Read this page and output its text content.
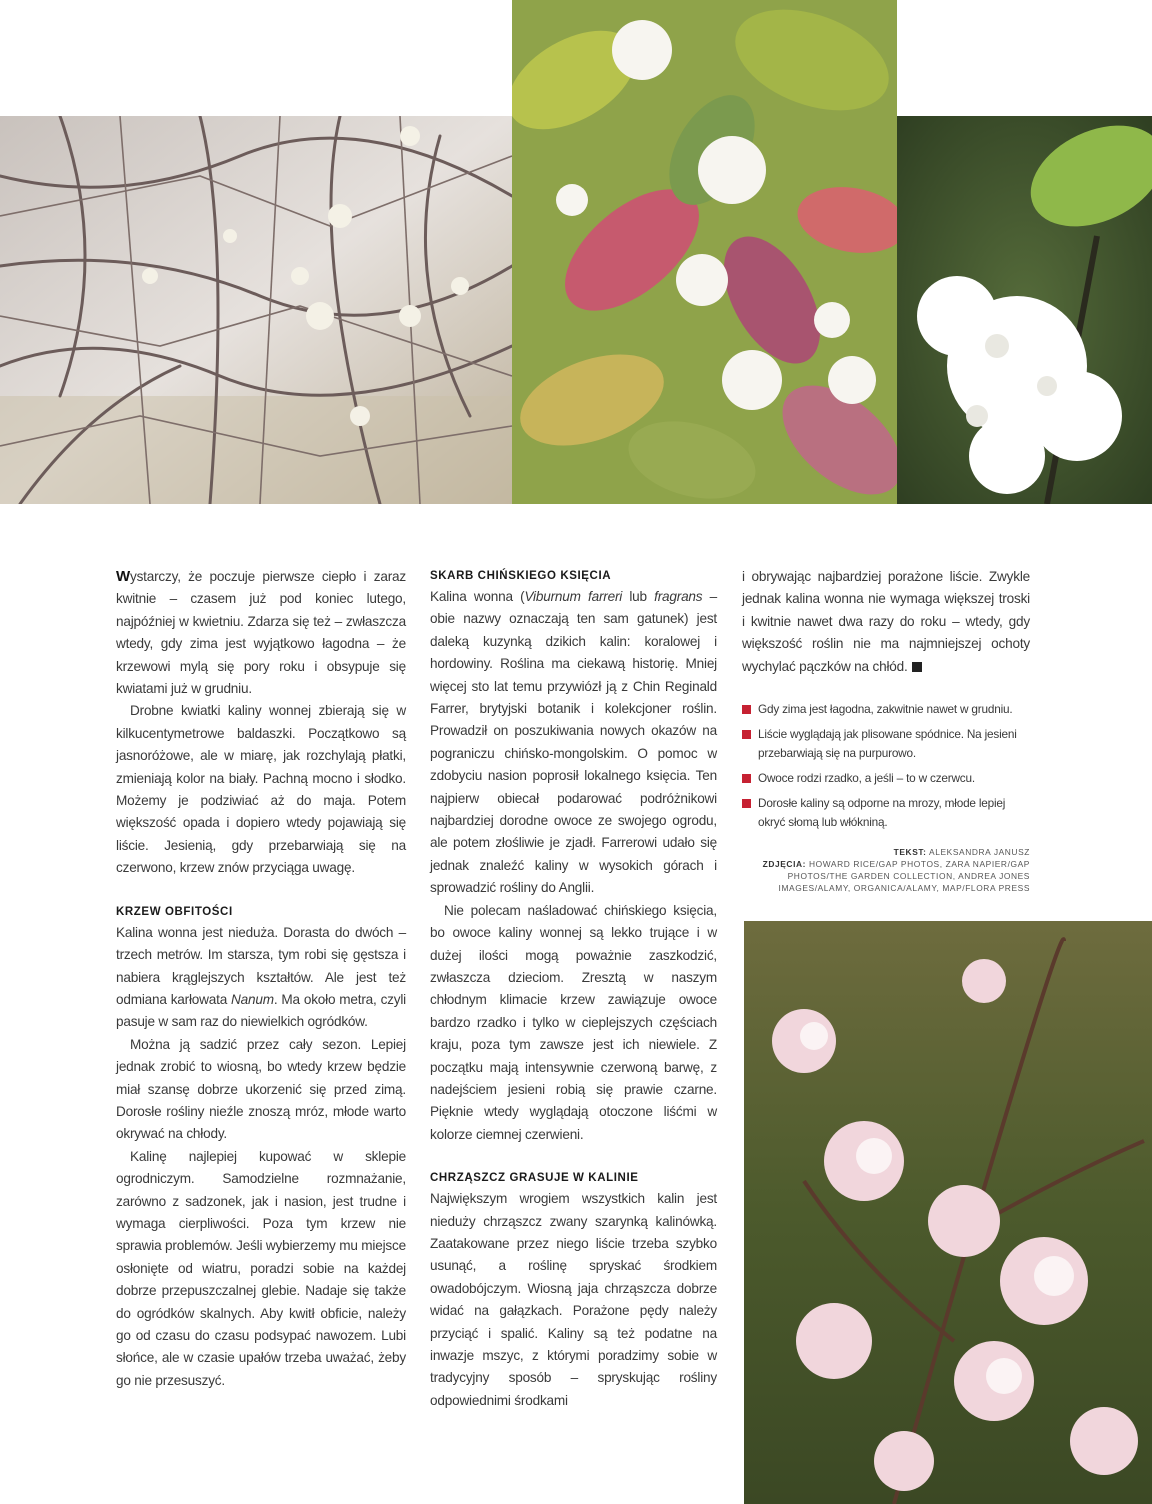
Wystarczy, że poczuje pierwsze ciepło i zaraz kwitnie – czasem już pod koniec lutego, najpóźniej w kwietniu. Zdarza się też – zwłaszcza wtedy, gdy zima jest wyjątkowo łagodna – że krzewowi mylą się pory roku i obsypuje się kwiatami już w grudniu.

Drobne kwiatki kaliny wonnej zbierają się w kilkucentymetrowe baldaszki. Początkowo są jasnoróżowe, ale w miarę, jak rozchylają płatki, zmieniają kolor na biały. Pachną mocno i słodko. Możemy je podziwiać aż do maja. Potem większość opada i dopiero wtedy pojawiają się liście. Jesienią, gdy przebarwiają się na czerwono, krzew znów przyciąga uwagę.

KRZEW OBFITOŚCI

Kalina wonna jest nieduża. Dorasta do dwóch – trzech metrów. Im starsza, tym robi się gęstsza i nabiera krąglejszych kształtów. Ale jest też odmiana karłowata Nanum. Ma około metra, czyli pasuje w sam raz do niewielkich ogródków.

Można ją sadzić przez cały sezon. Lepiej jednak zrobić to wiosną, bo wtedy krzew będzie miał szansę dobrze ukorzenić się przed zimą. Dorosłe rośliny nieźle znoszą mróz, młode warto okrywać na chłody.

Kalinę najlepiej kupować w sklepie ogrodniczym. Samodzielne rozmnażanie, zarówno z sadzonek, jak i nasion, jest trudne i wymaga cierpliwości. Poza tym krzew nie sprawia problemów. Jeśli wybierzemy mu miejsce osłonięte od wiatru, poradzi sobie na każdej dobrze przepuszczalnej glebie. Nadaje się także do ogródków skalnych. Aby kwitł obficie, należy go od czasu do czasu podsypać nawozem. Lubi słońce, ale w czasie upałów trzeba uważać, żeby go nie przesuszyć.

SKARB CHIŃSKIEGO KSIĘCIA

Kalina wonna (Viburnum farreri lub fragrans – obie nazwy oznaczają ten sam gatunek) jest daleką kuzynką dzikich kalin: koralowej i hordowiny. Roślina ma ciekawą historię. Mniej więcej sto lat temu przywiózł ją z Chin Reginald Farrer, brytyjski botanik i kolekcjoner roślin. Prowadził on poszukiwania nowych okazów na pograniczu chińsko-mongolskim. O pomoc w zdobyciu nasion poprosił lokalnego księcia. Ten najpierw obiecał podarować podróżnikowi najbardziej dorodne owoce ze swojego ogrodu, ale potem złośliwie je zjadł. Farrerowi udało się jednak znaleźć kaliny w wysokich górach i sprowadzić rośliny do Anglii.

Nie polecam naśladować chińskiego księcia, bo owoce kaliny wonnej są lekko trujące i w dużej ilości mogą poważnie zaszkodzić, zwłaszcza dzieciom. Zresztą w naszym chłodnym klimacie krzew zawiązuje owoce bardzo rzadko i tylko w cieplejszych częściach kraju, poza tym zawsze jest ich niewiele. Z początku mają intensywnie czerwoną barwę, z nadejściem jesieni robią się prawie czarne. Pięknie wtedy wyglądają otoczone liśćmi w kolorze ciemnej czerwieni.

CHRZĄSZCZ GRASUJE W KALINIE

Największym wrogiem wszystkich kalin jest nieduży chrząszcz zwany szarynką kalinówką. Zaatakowane przez niego liście trzeba szybko usunąć, a roślinę spryskać środkiem owadobójczym. Wiosną jaja chrząszcza dobrze widać na gałązkach. Porażone pędy należy przyciąć i spalić. Kaliny są też podatne na inwazje mszyc, z którymi poradzimy sobie w tradycyjny sposób – spryskując rośliny odpowiednimi środkami

i obrywając najbardziej porażone liście. Zwykle jednak kalina wonna nie wymaga większej troski i kwitnie nawet dwa razy do roku – wtedy, gdy większość roślin nie ma najmniejszej ochoty wychylać pączków na chłód.

Gdy zima jest łagodna, zakwitnie nawet w grudniu.
Liście wyglądają jak plisowane spódnice. Na jesieni przebarwiają się na purpurowo.
Owoce rodzi rzadko, a jeśli – to w czerwcu.
Dorosłe kaliny są odporne na mrozy, młode lepiej okryć słomą lub włókniną.
TEKST: ALEKSANDRA JANUSZ
ZDJĘCIA: HOWARD RICE/GAP PHOTOS, ZARA NAPIER/GAP PHOTOS/THE GARDEN COLLECTION, ANDREA JONES IMAGES/ALAMY, ORGANICA/ALAMY, MAP/FLORA PRESS
